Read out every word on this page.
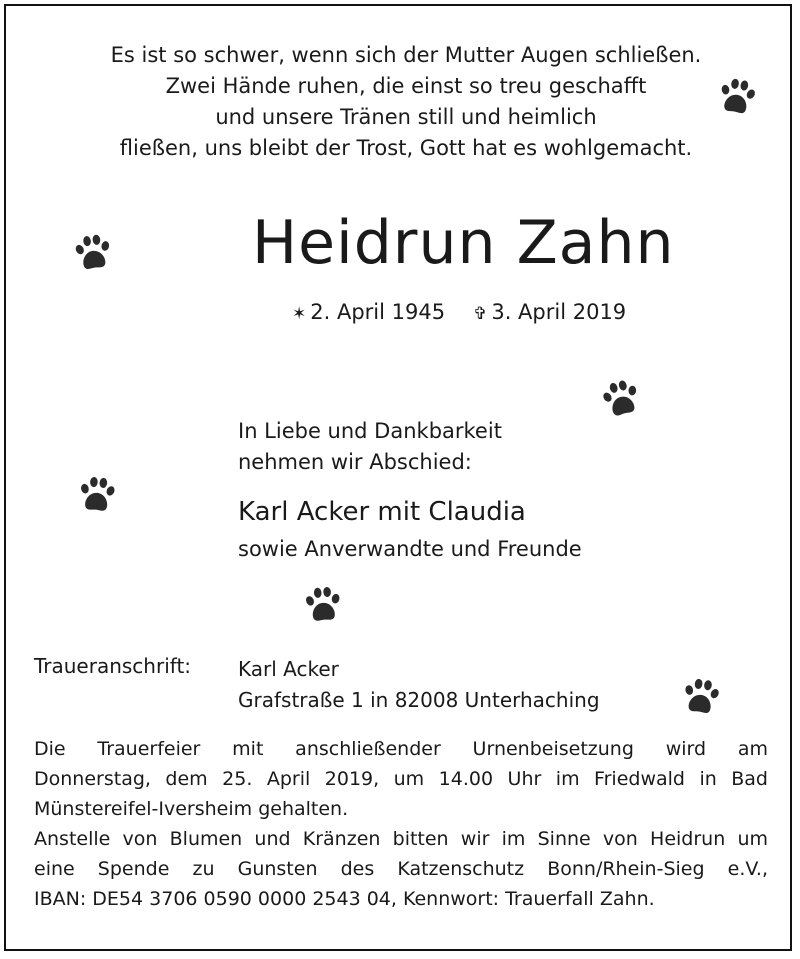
Es ist so schwer, wenn sich der Mutter Augen schließen.
Zwei Hände ruhen, die einst so treu geschafft
und unsere Tränen still und heimlich
fließen, uns bleibt der Trost, Gott hat es wohlgemacht.
Heidrun Zahn
✶ 2. April 1945 ✞ 3. April 2019
In Liebe und Dankbarkeit
nehmen wir Abschied:
Karl Acker mit Claudia
sowie Anverwandte und Freunde
Traueranschrift: Karl Acker
Grafstraße 1 in 82008 Unterhaching

Die Trauerfeier mit anschließender Urnenbeisetzung wird am

Donnerstag, dem 25. April 2019, um 14.00 Uhr im Friedwald in Bad

Münstereifel-Iversheim gehalten.

Anstelle von Blumen und Kränzen bitten wir im Sinne von Heidrun um

eine Spende zu Gunsten des Katzenschutz Bonn/Rhein-Sieg e.V.,

IBAN: DE54 3706 0590 0000 2543 04, Kennwort: Trauerfall Zahn.
